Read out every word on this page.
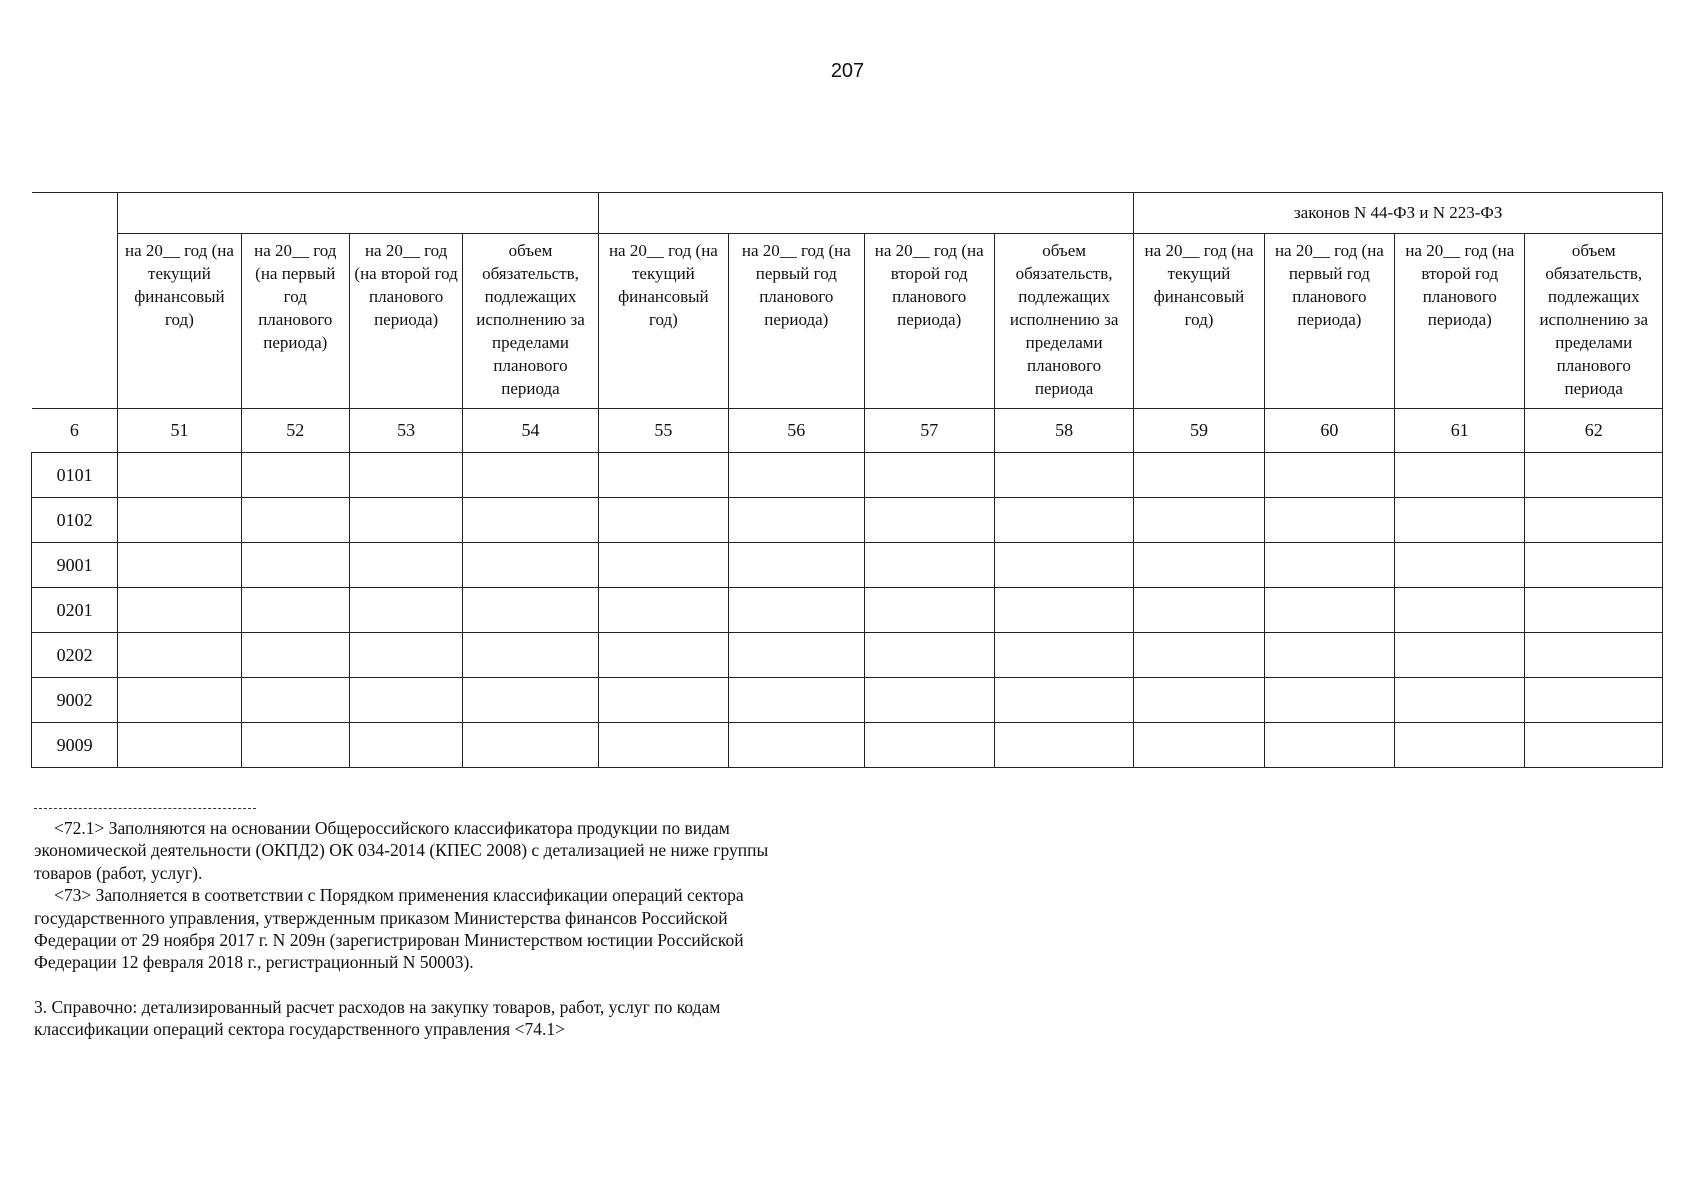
207
									законов N 44-ФЗ и N 223-ФЗ			
	на 20__ год (на текущий финансовый год)	на 20__ год (на первый год планового периода)	на 20__ год (на второй год планового периода)	объем обязательств, подлежащих исполнению за пределами планового периода	на 20__ год (на текущий финансовый год)	на 20__ год (на первый год планового периода)	на 20__ год (на второй год планового периода)	объем обязательств, подлежащих исполнению за пределами планового периода	на 20__ год (на текущий финансовый год)	на 20__ год (на первый год планового периода)	на 20__ год (на второй год планового периода)	объем обязательств, подлежащих исполнению за пределами планового периода
6	51	52	53	54	55	56	57	58	59	60	61	62
0101												
0102												
9001												
0201												
0202												
9002												
9009												

<72.1> Заполняются на основании Общероссийского классификатора продукции по видам экономической деятельности (ОКПД2) ОК 034-2014 (КПЕС 2008) с детализацией не ниже группы товаров (работ, услуг).

<73> Заполняется в соответствии с Порядком применения классификации операций сектора государственного управления, утвержденным приказом Министерства финансов Российской Федерации от 29 ноября 2017 г. N 209н (зарегистрирован Министерством юстиции Российской Федерации 12 февраля 2018 г., регистрационный N 50003).

3. Справочно: детализированный расчет расходов на закупку товаров, работ, услуг по кодам классификации операций сектора государственного управления <74.1>
